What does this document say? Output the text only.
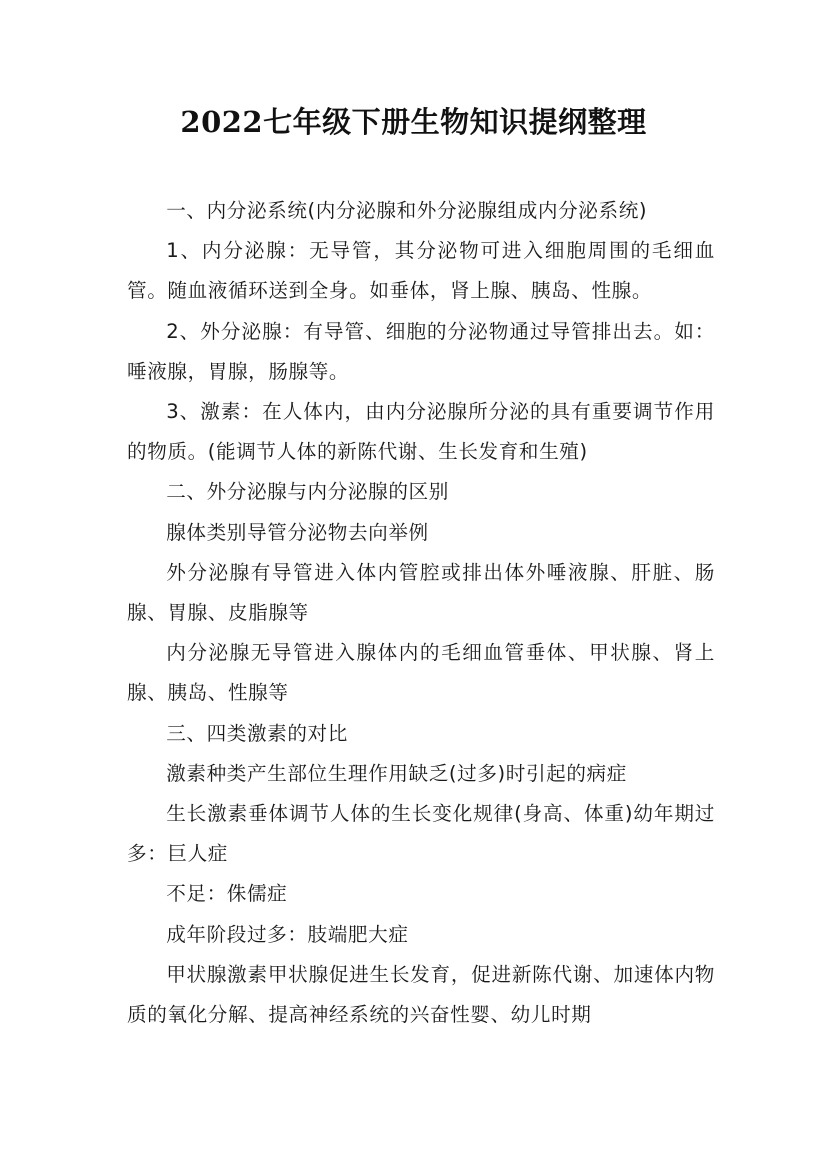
2022七年级下册生物知识提纲整理

一、内分泌系统(内分泌腺和外分泌腺组成内分泌系统)

1、内分泌腺：无导管，其分泌物可进入细胞周围的毛细血管。随血液循环送到全身。如垂体，肾上腺、胰岛、性腺。

2、外分泌腺：有导管、细胞的分泌物通过导管排出去。如：唾液腺，胃腺，肠腺等。

3、激素：在人体内，由内分泌腺所分泌的具有重要调节作用的物质。(能调节人体的新陈代谢、生长发育和生殖)

二、外分泌腺与内分泌腺的区别

腺体类别导管分泌物去向举例

外分泌腺有导管进入体内管腔或排出体外唾液腺、肝脏、肠腺、胃腺、皮脂腺等

内分泌腺无导管进入腺体内的毛细血管垂体、甲状腺、肾上腺、胰岛、性腺等

三、四类激素的对比

激素种类产生部位生理作用缺乏(过多)时引起的病症

生长激素垂体调节人体的生长变化规律(身高、体重)幼年期过多：巨人症

不足：侏儒症

成年阶段过多：肢端肥大症

甲状腺激素甲状腺促进生长发育，促进新陈代谢、加速体内物质的氧化分解、提高神经系统的兴奋性婴、幼儿时期
